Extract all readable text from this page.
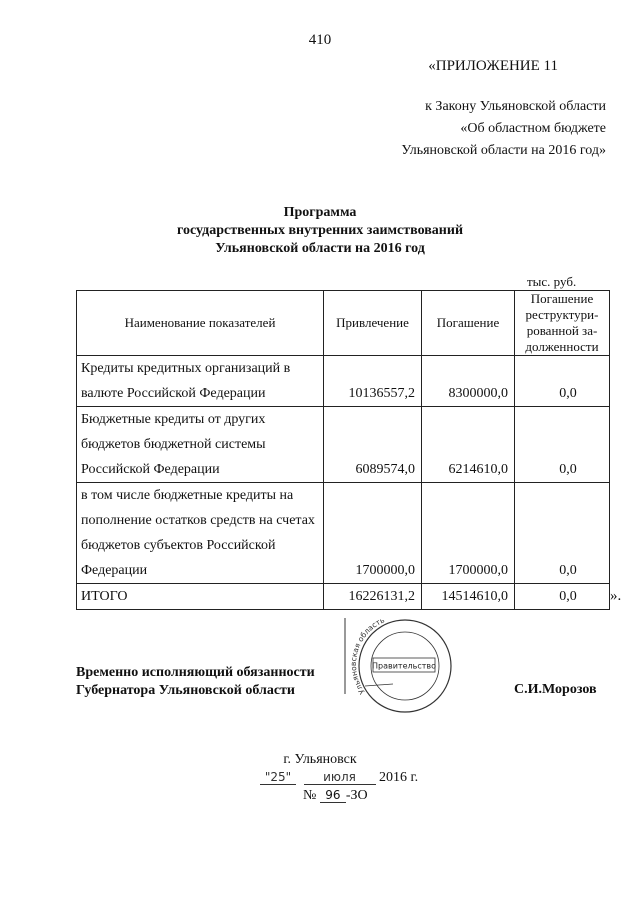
410
«ПРИЛОЖЕНИЕ 11
к Закону Ульяновской области
«Об областном бюджете
Ульяновской области на 2016 год»
Программа
государственных внутренних заимствований
Ульяновской области на 2016 год
тыс. руб.
Наименование показателей	Привлечение	Погашение	Погашение реструктури-рованной за-долженности
Кредиты кредитных организаций в валюте Российской Федерации	10136557,2	8300000,0	0,0
Бюджетные кредиты от других бюджетов бюджетной системы Российской Федерации	6089574,0	6214610,0	0,0
в том числе бюджетные кредиты на пополнение остатков средств на счетах бюджетов субъектов Российской Федерации	1700000,0	1700000,0	0,0
ИТОГО	16226131,2	14514610,0	0,0 ».
Временно исполняющий обязанности
Губернатора Ульяновской области	Ульяновская область
Правительство
С.И.Морозов
г. Ульяновск
"25"	июля 2016 г.
№ 96 -ЗО
